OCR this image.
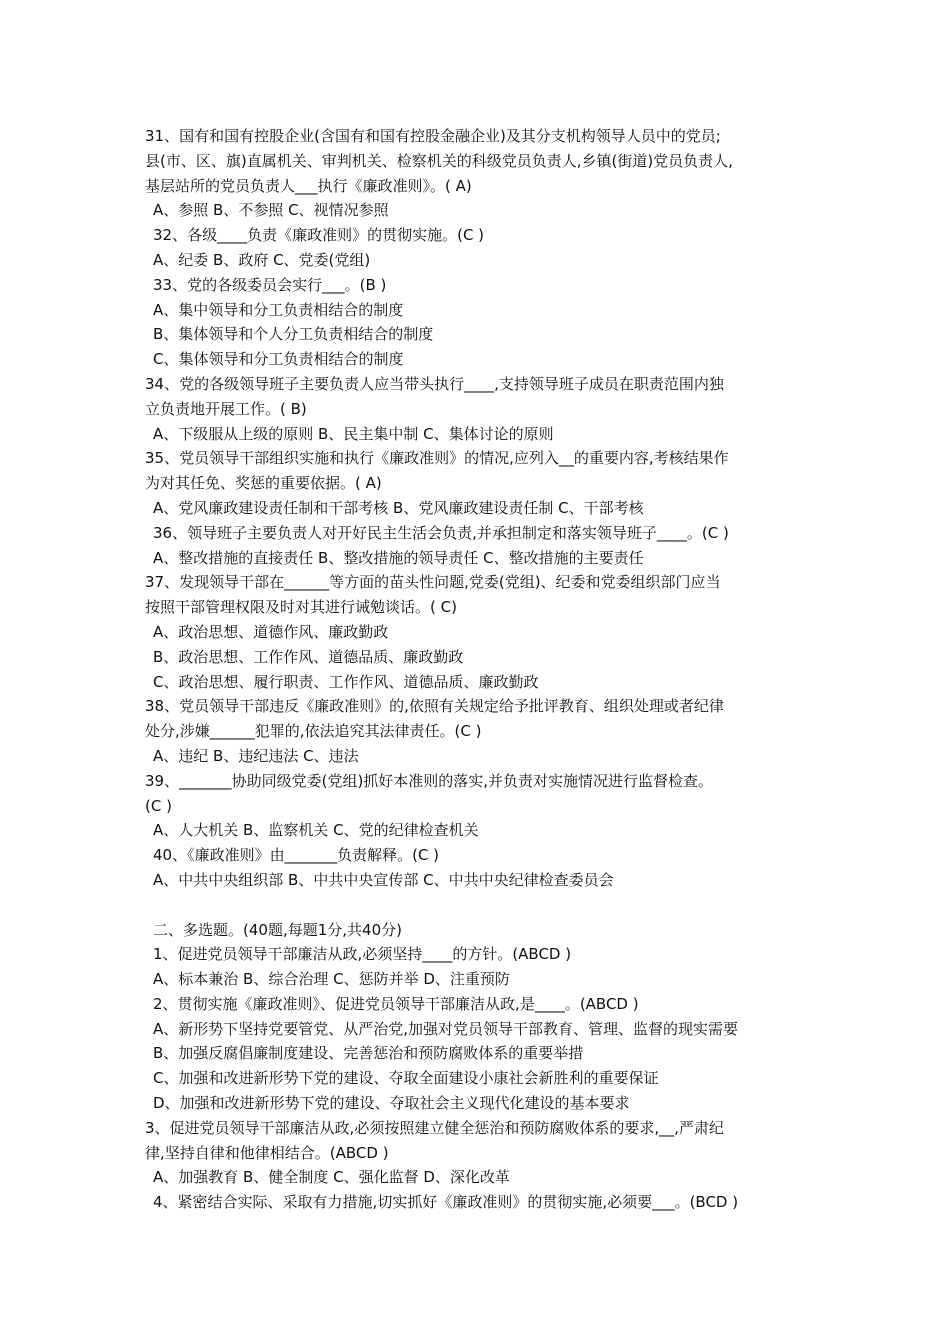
31、国有和国有控股企业(含国有和国有控股金融企业)及其分支机构领导人员中的党员;
县(市、区、旗)直属机关、审判机关、检察机关的科级党员负责人,乡镇(街道)党员负责人,
基层站所的党员负责人___执行《廉政准则》。( A)
A、参照 B、不参照 C、视情况参照
32、各级____负责《廉政准则》的贯彻实施。(C )
A、纪委 B、政府 C、党委(党组)
33、党的各级委员会实行___。(B )
A、集中领导和分工负责相结合的制度
B、集体领导和个人分工负责相结合的制度
C、集体领导和分工负责相结合的制度
34、党的各级领导班子主要负责人应当带头执行____,支持领导班子成员在职责范围内独
立负责地开展工作。( B)
A、下级服从上级的原则 B、民主集中制 C、集体讨论的原则
35、党员领导干部组织实施和执行《廉政准则》的情况,应列入__的重要内容,考核结果作
为对其任免、奖惩的重要依据。( A)
A、党风廉政建设责任制和干部考核 B、党风廉政建设责任制 C、干部考核
36、领导班子主要负责人对开好民主生活会负责,并承担制定和落实领导班子____。(C )
A、整改措施的直接责任 B、整改措施的领导责任 C、整改措施的主要责任
37、发现领导干部在______等方面的苗头性问题,党委(党组)、纪委和党委组织部门应当
按照干部管理权限及时对其进行诫勉谈话。( C)
A、政治思想、道德作风、廉政勤政
B、政治思想、工作作风、道德品质、廉政勤政
C、政治思想、履行职责、工作作风、道德品质、廉政勤政
38、党员领导干部违反《廉政准则》的,依照有关规定给予批评教育、组织处理或者纪律
处分,涉嫌______犯罪的,依法追究其法律责任。(C )
A、违纪 B、违纪违法 C、违法
39、_______协助同级党委(党组)抓好本准则的落实,并负责对实施情况进行监督检查。
(C )
A、人大机关 B、监察机关 C、党的纪律检查机关
40、《廉政准则》由_______负责解释。(C )
A、中共中央组织部 B、中共中央宣传部 C、中共中央纪律检查委员会
二、多选题。(40题,每题1分,共40分)
1、促进党员领导干部廉洁从政,必须坚持____的方针。(ABCD )
A、标本兼治 B、综合治理 C、惩防并举 D、注重预防
2、贯彻实施《廉政准则》、促进党员领导干部廉洁从政,是____。(ABCD )
A、新形势下坚持党要管党、从严治党,加强对党员领导干部教育、管理、监督的现实需要
B、加强反腐倡廉制度建设、完善惩治和预防腐败体系的重要举措
C、加强和改进新形势下党的建设、夺取全面建设小康社会新胜利的重要保证
D、加强和改进新形势下党的建设、夺取社会主义现代化建设的基本要求
3、促进党员领导干部廉洁从政,必须按照建立健全惩治和预防腐败体系的要求,__,严肃纪
律,坚持自律和他律相结合。(ABCD )
A、加强教育 B、健全制度 C、强化监督 D、深化改革
4、紧密结合实际、采取有力措施,切实抓好《廉政准则》的贯彻实施,必须要___。(BCD )
